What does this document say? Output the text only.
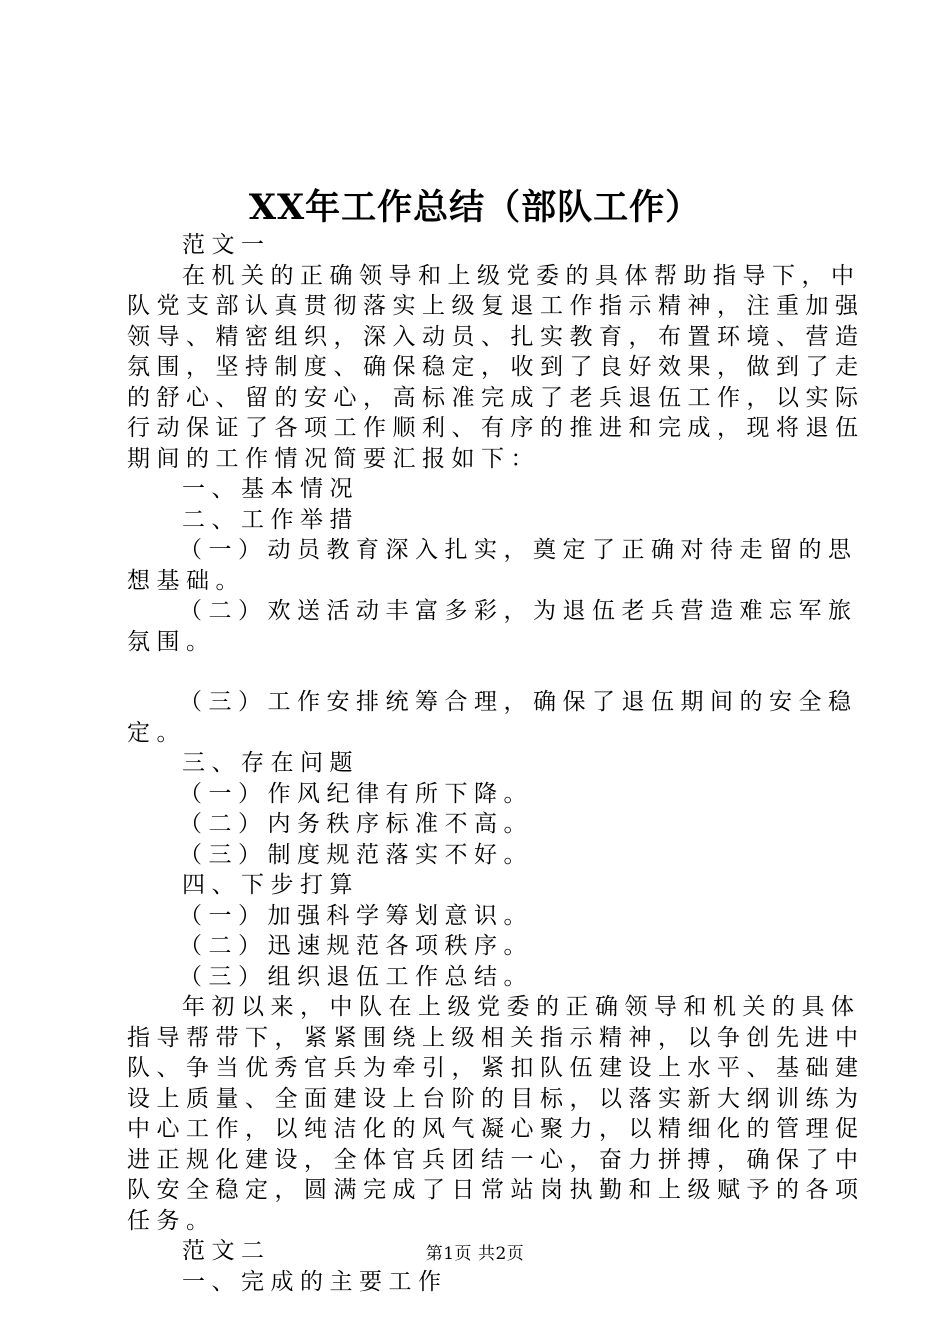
XX年工作总结（部队工作）

范文一

在机关的正确领导和上级党委的具体帮助指导下，中队党支部认真贯彻落实上级复退工作指示精神，注重加强领导、精密组织，深入动员、扎实教育，布置环境、营造氛围，坚持制度、确保稳定，收到了良好效果，做到了走的舒心、留的安心，高标准完成了老兵退伍工作，以实际行动保证了各项工作顺利、有序的推进和完成，现将退伍期间的工作情况简要汇报如下：

一、基本情况

二、工作举措

（一）动员教育深入扎实，奠定了正确对待走留的思想基础。

（二）欢送活动丰富多彩，为退伍老兵营造难忘军旅氛围。

（三）工作安排统筹合理，确保了退伍期间的安全稳定。

三、存在问题

（一）作风纪律有所下降。

（二）内务秩序标准不高。

（三）制度规范落实不好。

四、下步打算

（一）加强科学筹划意识。

（二）迅速规范各项秩序。

（三）组织退伍工作总结。

年初以来，中队在上级党委的正确领导和机关的具体指导帮带下，紧紧围绕上级相关指示精神，以争创先进中队、争当优秀官兵为牵引，紧扣队伍建设上水平、基础建设上质量、全面建设上台阶的目标，以落实新大纲训练为中心工作，以纯洁化的风气凝心聚力，以精细化的管理促进正规化建设，全体官兵团结一心，奋力拼搏，确保了中队安全稳定，圆满完成了日常站岗执勤和上级赋予的各项任务。

范文二

一、完成的主要工作

第1页 共2页
